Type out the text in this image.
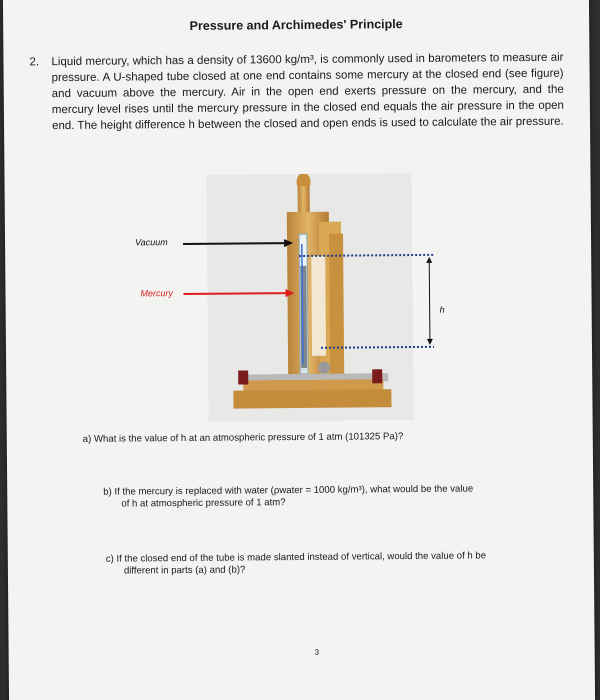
Pressure and Archimedes' Principle
2. Liquid mercury, which has a density of 13600 kg/m³, is commonly used in barometers to measure air pressure. A U-shaped tube closed at one end contains some mercury at the closed end (see figure) and vacuum above the mercury. Air in the open end exerts pressure on the mercury, and the mercury level rises until the mercury pressure in the closed end equals the air pressure in the open end. The height difference h between the closed and open ends is used to calculate the air pressure.
Vacuum
Mercury
h
a) What is the value of h at an atmospheric pressure of 1 atm (101325 Pa)?
b) If the mercury is replaced with water (ρwater = 1000 kg/m³), what would be the value
of h at atmospheric pressure of 1 atm?
c) If the closed end of the tube is made slanted instead of vertical, would the value of h be
different in parts (a) and (b)?
3
